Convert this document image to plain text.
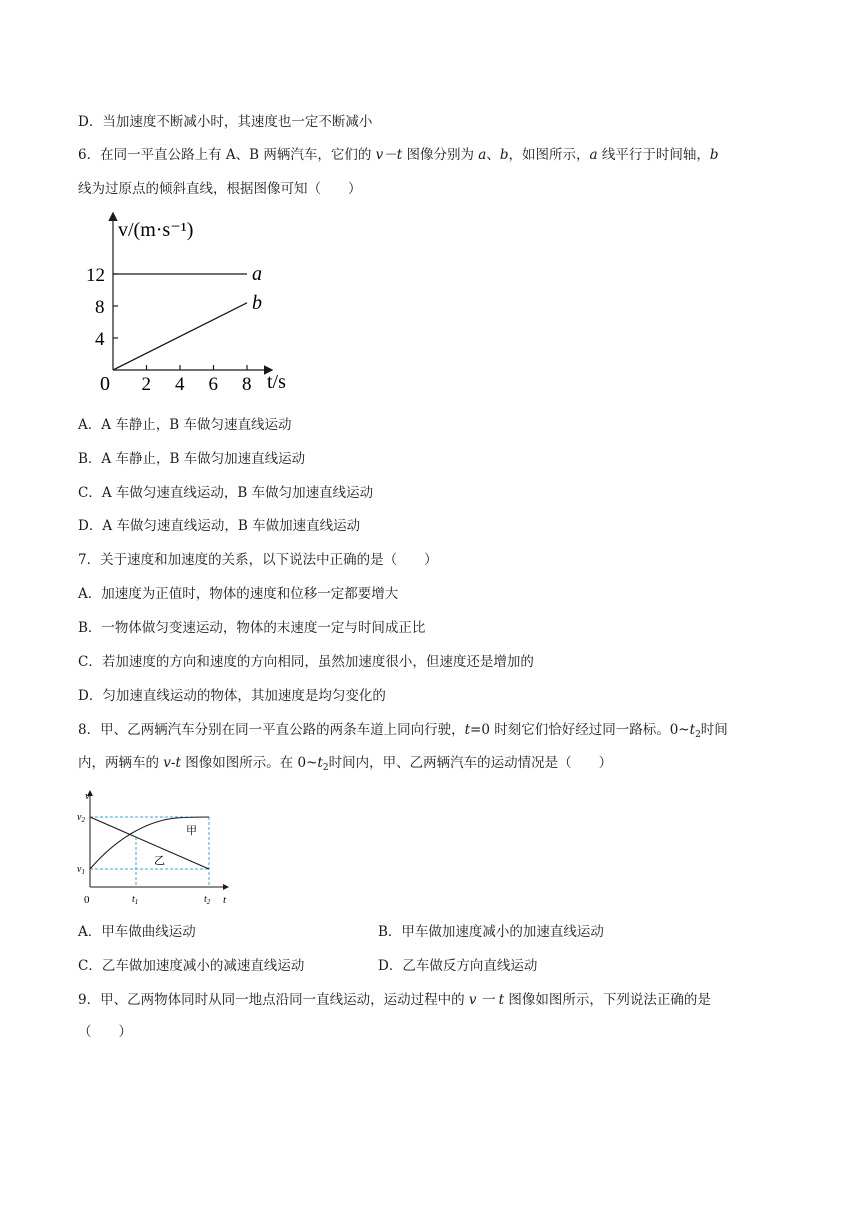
D．当加速度不断减小时，其速度也一定不断减小
6．在同一平直公路上有 A、B 两辆汽车，它们的 v－t 图像分别为 a、b，如图所示，a 线平行于时间轴，b
线为过原点的倾斜直线，根据图像可知（　　）
v/(m·s⁻¹)
t/s
0 2 4 6 8
4
8
12	a
b
A．A 车静止，B 车做匀速直线运动
B．A 车静止，B 车做匀加速直线运动
C．A 车做匀速直线运动，B 车做匀加速直线运动
D．A 车做匀速直线运动，B 车做加速直线运动
7．关于速度和加速度的关系，以下说法中正确的是（　　）
A．加速度为正值时，物体的速度和位移一定都要增大
B．一物体做匀变速运动，物体的末速度一定与时间成正比
C．若加速度的方向和速度的方向相同，虽然加速度很小，但速度还是增加的
D．匀加速直线运动的物体，其加速度是均匀变化的
8．甲、乙两辆汽车分别在同一平直公路的两条车道上同向行驶，t=0 时刻它们恰好经过同一路标。$0\sim t_2$时间
内，两辆车的 v-t 图像如图所示。在 $0\sim t_2$时间内，甲、乙两辆汽车的运动情况是（　　）
v
t
0
$v_2$
$v_1$
$t_1$	$t_2$
甲
乙
A．甲车做曲线运动	B．甲车做加速度减小的加速直线运动
C．乙车做加速度减小的减速直线运动	D．乙车做反方向直线运动
9．甲、乙两物体同时从同一地点沿同一直线运动，运动过程中的 v 一 t 图像如图所示，下列说法正确的是
（　　）
